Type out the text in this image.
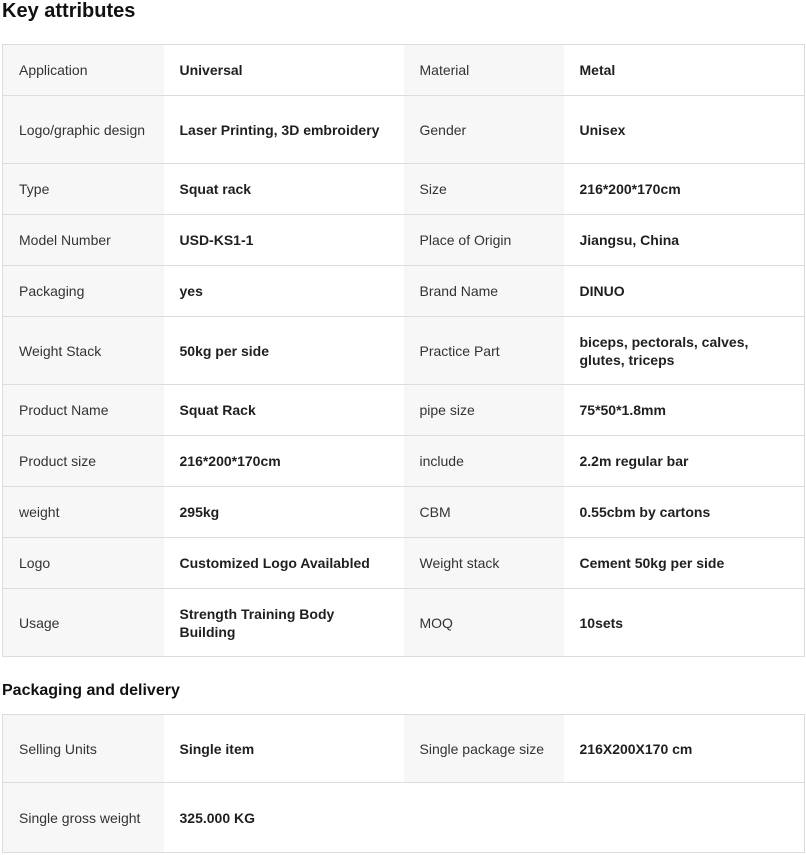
Key attributes
Application	Universal	Material	Metal
Logo/graphic design	Laser Printing, 3D embroidery	Gender	Unisex
Type	Squat rack	Size	216*200*170cm
Model Number	USD-KS1-1	Place of Origin	Jiangsu, China
Packaging	yes	Brand Name	DINUO
Weight Stack	50kg per side	Practice Part	biceps, pectorals, calves, glutes, triceps
Product Name	Squat Rack	pipe size	75*50*1.8mm
Product size	216*200*170cm	include	2.2m regular bar
weight	295kg	CBM	0.55cbm by cartons
Logo	Customized Logo Availabled	Weight stack	Cement 50kg per side
Usage	Strength Training Body Building	MOQ	10sets
Packaging and delivery
Selling Units	Single item	Single package size	216X200X170 cm
Single gross weight	325.000 KG		
